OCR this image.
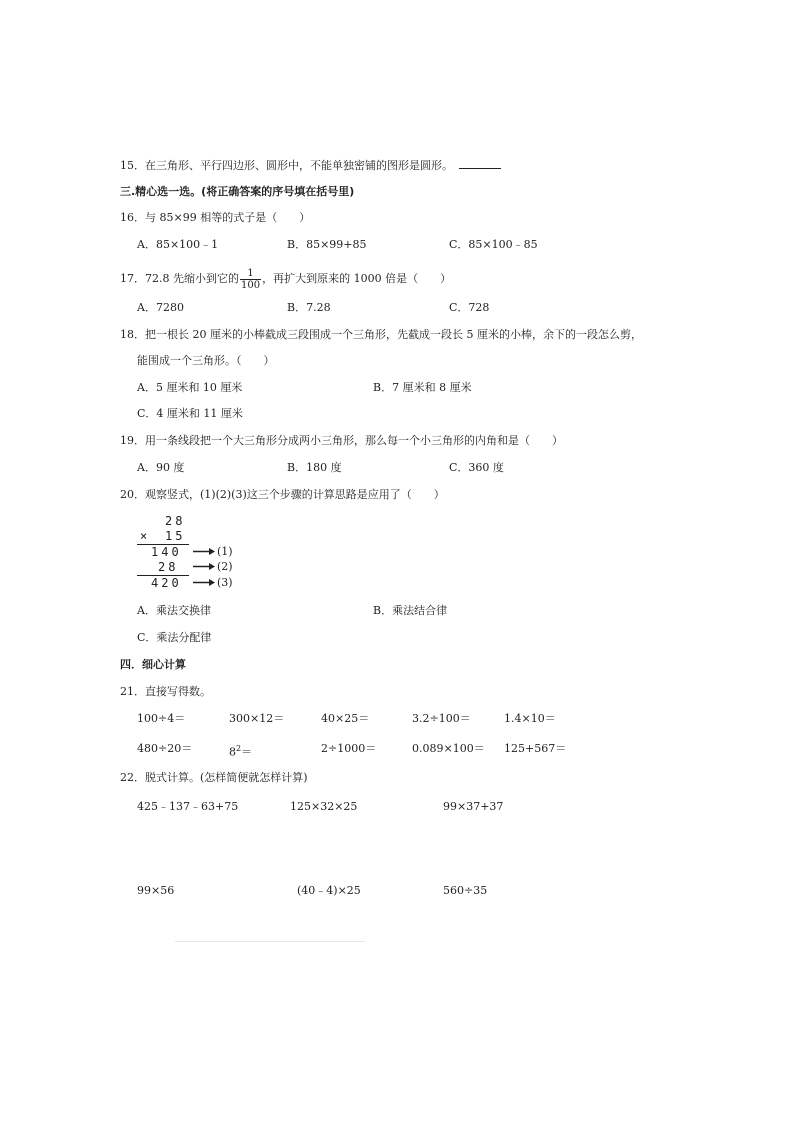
15．在三角形、平行四边形、圆形中，不能单独密铺的图形是圆形。
三.精心选一选。(将正确答案的序号填在括号里)
16．与 85×99 相等的式子是（　　）
A．85×100﹣1	B．85×99+85	C．85×100﹣85
17．72.8 先缩小到它的 $\frac{1}{100}$ ，再扩大到原来的 1000 倍是（　　）
A．7280	B．7.28	C．728
18．把一根长 20 厘米的小棒截成三段围成一个三角形，先截成一段长 5 厘米的小棒，余下的一段怎么剪，
能围成一个三角形。（　　）
A．5 厘米和 10 厘米	B．7 厘米和 8 厘米
C．4 厘米和 11 厘米
19．用一条线段把一个大三角形分成两小三角形，那么每一个小三角形的内角和是（　　）
A．90 度	B．180 度	C．360 度
20．观察竖式，(1)(2)(3)这三个步骤的计算思路是应用了（　　）
28
× 15
140
28
420
(1)
(2)
(3)
A．乘法交换律	B．乘法结合律
C．乘法分配律
四．细心计算
21．直接写得数。
100÷4＝	300×12＝	40×25＝	3.2÷100＝	1.4×10＝
480÷20＝	$8^2=$	2÷1000＝	0.089×100＝ 125+567＝
22．脱式计算。(怎样简便就怎样计算)
425﹣137﹣63+75	125×32×25	99×37+37
99×56	(40﹣4)×25	560÷35
